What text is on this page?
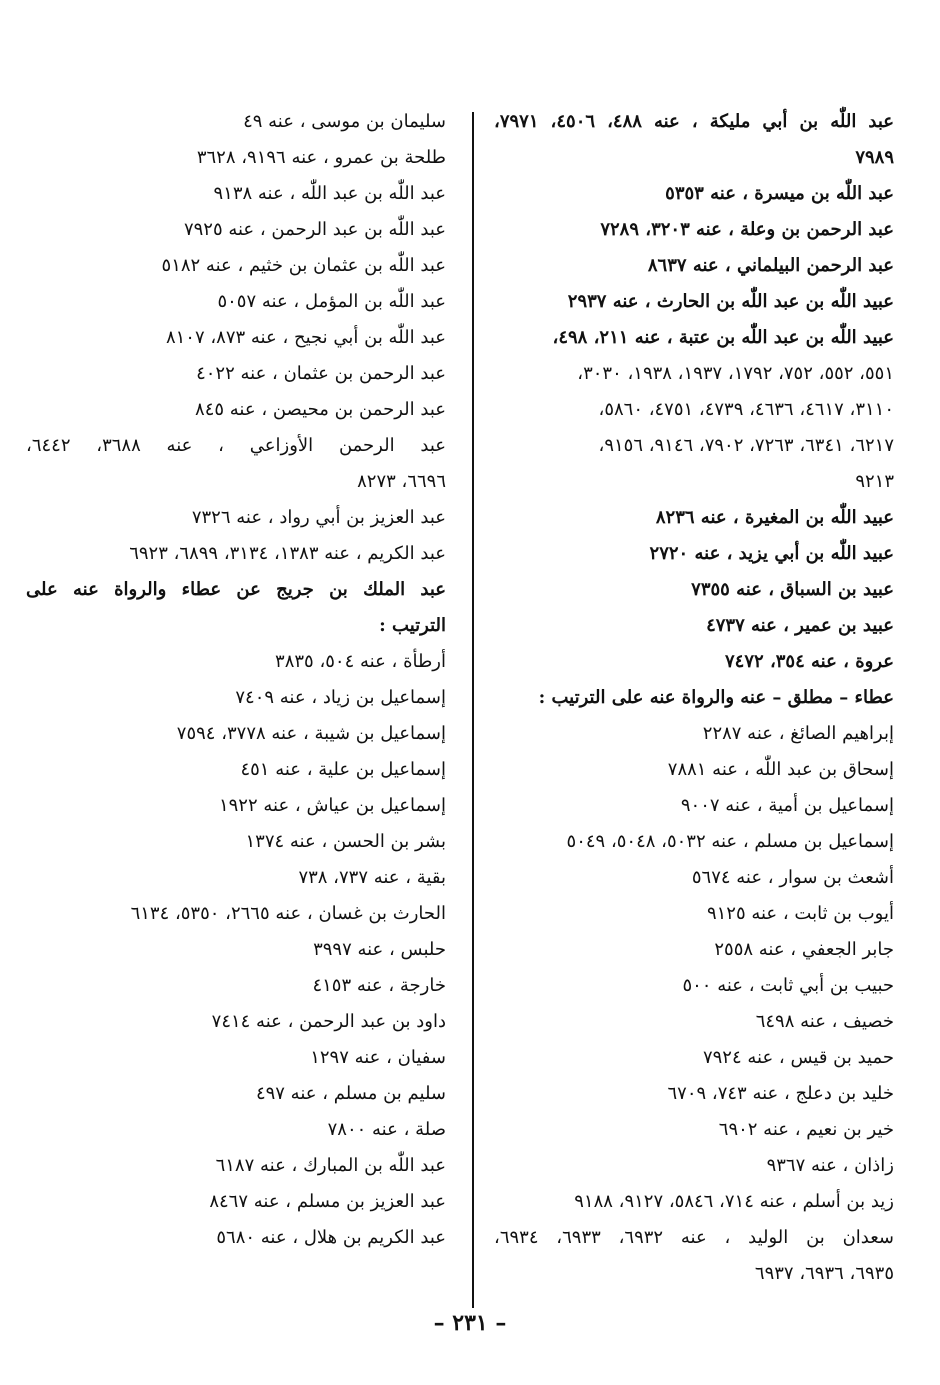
عبد اللّٰه بن أبي مليكة ، عنه ٤٨٨، ٤٥٠٦، ٧٩٧١،
٧٩٨٩
عبد اللّٰه بن ميسرة ، عنه ٥٣٥٣
عبد الرحمن بن وعلة ، عنه ٣٢٠٣، ٧٢٨٩
عبد الرحمن البيلماني ، عنه ٨٦٣٧
عبيد اللّٰه بن عبد اللّٰه بن الحارث ، عنه ٢٩٣٧
عبيد اللّٰه بن عبد اللّٰه بن عتبة ، عنه ٢١١، ٤٩٨،
٥٥١، ٥٥٢، ٧٥٢، ١٧٩٢، ١٩٣٧، ١٩٣٨، ٣٠٣٠،
٣١١٠، ٤٦١٧، ٤٦٣٦، ٤٧٣٩، ٤٧٥١، ٥٨٦٠،
٦٢١٧، ٦٣٤١، ٧٢٦٣، ٧٩٠٢، ٩١٤٦، ٩١٥٦،
٩٢١٣
عبيد اللّٰه بن المغيرة ، عنه ٨٢٣٦
عبيد اللّٰه بن أبي يزيد ، عنه ٢٧٢٠
عبيد بن السباق ، عنه ٧٣٥٥
عبيد بن عمير ، عنه ٤٧٣٧
عروة ، عنه ٣٥٤، ٧٤٧٢
عطاء – مطلق – عنه والرواة عنه على الترتيب :
إبراهيم الصائغ ، عنه ٢٢٨٧
إسحاق بن عبد اللّٰه ، عنه ٧٨٨١
إسماعيل بن أمية ، عنه ٩٠٠٧
إسماعيل بن مسلم ، عنه ٥٠٣٢، ٥٠٤٨، ٥٠٤٩
أشعث بن سوار ، عنه ٥٦٧٤
أيوب بن ثابت ، عنه ٩١٢٥
جابر الجعفي ، عنه ٢٥٥٨
حبيب بن أبي ثابت ، عنه ٥٠٠
خصيف ، عنه ٦٤٩٨
حميد بن قيس ، عنه ٧٩٢٤
خليد بن دعلج ، عنه ٧٤٣، ٦٧٠٩
خير بن نعيم ، عنه ٦٩٠٢
زاذان ، عنه ٩٣٦٧
زيد بن أسلم ، عنه ٧١٤، ٥٨٤٦، ٩١٢٧، ٩١٨٨
سعدان بن الوليد ، عنه ٦٩٣٢، ٦٩٣٣، ٦٩٣٤،
٦٩٣٥، ٦٩٣٦، ٦٩٣٧
سليمان بن موسى ، عنه ٤٩
طلحة بن عمرو ، عنه ٩١٩٦، ٣٦٢٨
عبد اللّٰه بن عبد اللّٰه ، عنه ٩١٣٨
عبد اللّٰه بن عبد الرحمن ، عنه ٧٩٢٥
عبد اللّٰه بن عثمان بن خثيم ، عنه ٥١٨٢
عبد اللّٰه بن المؤمل ، عنه ٥٠٥٧
عبد اللّٰه بن أبي نجيح ، عنه ٨٧٣، ٨١٠٧
عبد الرحمن بن عثمان ، عنه ٤٠٢٢
عبد الرحمن بن محيصن ، عنه ٨٤٥
عبد الرحمن الأوزاعي ، عنه ٣٦٨٨، ٦٤٤٢،
٦٦٩٦، ٨٢٧٣
عبد العزيز بن أبي رواد ، عنه ٧٣٢٦
عبد الكريم ، عنه ١٣٨٣، ٣١٣٤، ٦٨٩٩، ٦٩٢٣
عبد الملك بن جريج عن عطاء والرواة عنه على
الترتيب :
أرطأة ، عنه ٥٠٤، ٣٨٣٥
إسماعيل بن زياد ، عنه ٧٤٠٩
إسماعيل بن شيبة ، عنه ٣٧٧٨، ٧٥٩٤
إسماعيل بن علية ، عنه ٤٥١
إسماعيل بن عياش ، عنه ١٩٢٢
بشر بن الحسن ، عنه ١٣٧٤
بقية ، عنه ٧٣٧، ٧٣٨
الحارث بن غسان ، عنه ٢٦٦٥، ٥٣٥٠، ٦١٣٤
حلبس ، عنه ٣٩٩٧
خارجة ، عنه ٤١٥٣
داود بن عبد الرحمن ، عنه ٧٤١٤
سفيان ، عنه ١٢٩٧
سليم بن مسلم ، عنه ٤٩٧
صلة ، عنه ٧٨٠٠
عبد اللّٰه بن المبارك ، عنه ٦١٨٧
عبد العزيز بن مسلم ، عنه ٨٤٦٧
عبد الكريم بن هلال ، عنه ٥٦٨٠
– ٢٣١ –
